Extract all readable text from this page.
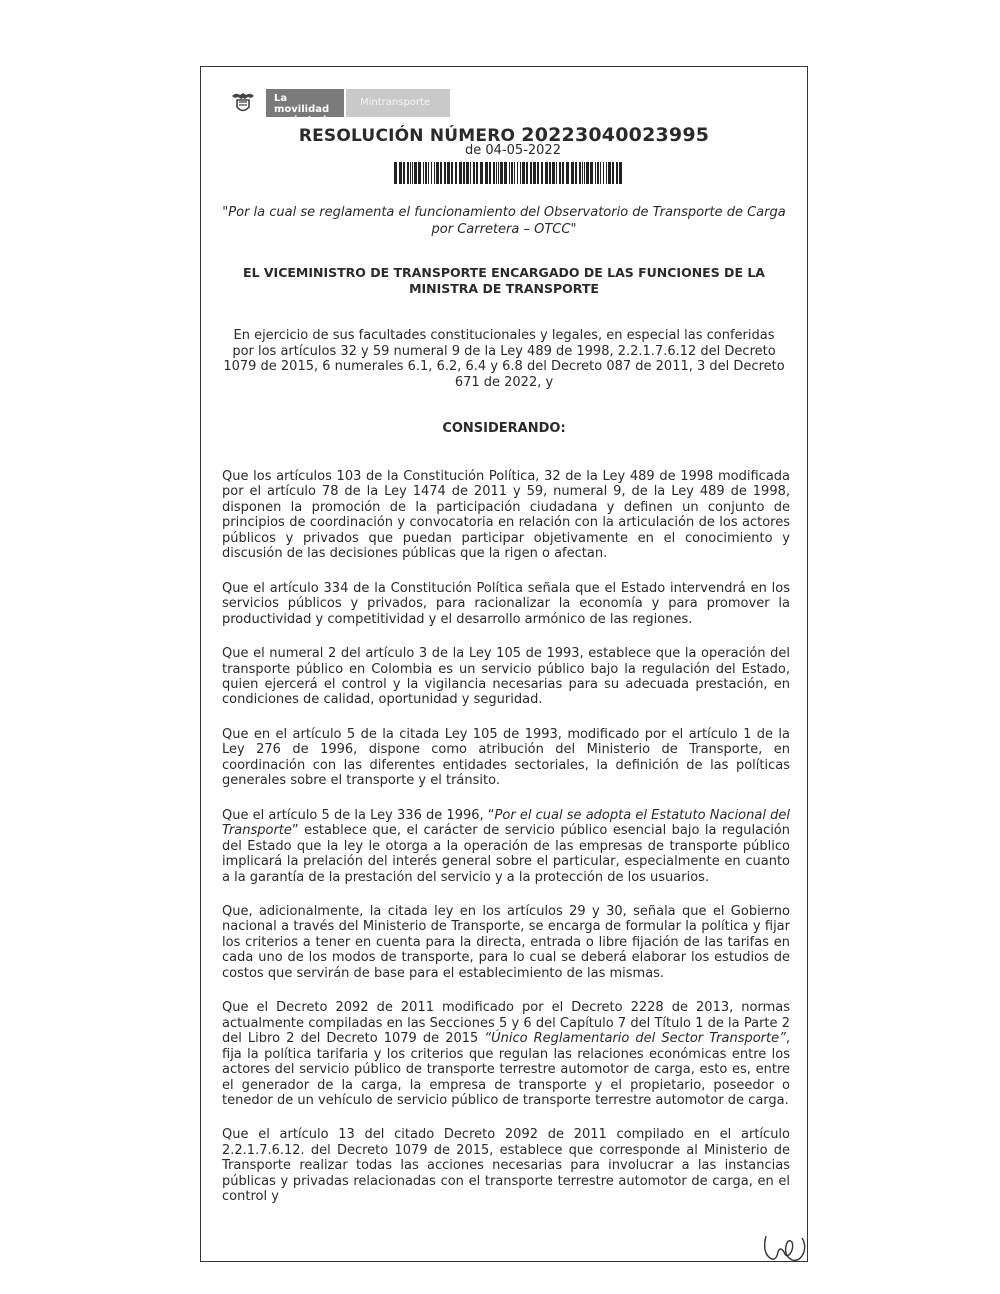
La movilidad
es de todos
Mintransporte
RESOLUCIÓN NÚMERO 20223040023995
de 04-05-2022
"Por la cual se reglamenta el funcionamiento del Observatorio de Transporte de Carga por Carretera – OTCC"
EL VICEMINISTRO DE TRANSPORTE ENCARGADO DE LAS FUNCIONES DE LA MINISTRA DE TRANSPORTE
En ejercicio de sus facultades constitucionales y legales, en especial las conferidas por los artículos 32 y 59 numeral 9 de la Ley 489 de 1998, 2.2.1.7.6.12 del Decreto 1079 de 2015, 6 numerales 6.1, 6.2, 6.4 y 6.8 del Decreto 087 de 2011, 3 del Decreto 671 de 2022, y
CONSIDERANDO:

Que los artículos 103 de la Constitución Política, 32 de la Ley 489 de 1998 modificada por el artículo 78 de la Ley 1474 de 2011 y 59, numeral 9, de la Ley 489 de 1998, disponen la promoción de la participación ciudadana y definen un conjunto de principios de coordinación y convocatoria en relación con la articulación de los actores públicos y privados que puedan participar objetivamente en el conocimiento y discusión de las decisiones públicas que la rigen o afectan.

Que el artículo 334 de la Constitución Política señala que el Estado intervendrá en los servicios públicos y privados, para racionalizar la economía y para promover la productividad y competitividad y el desarrollo armónico de las regiones.

Que el numeral 2 del artículo 3 de la Ley 105 de 1993, establece que la operación del transporte público en Colombia es un servicio público bajo la regulación del Estado, quien ejercerá el control y la vigilancia necesarias para su adecuada prestación, en condiciones de calidad, oportunidad y seguridad.

Que en el artículo 5 de la citada Ley 105 de 1993, modificado por el artículo 1 de la Ley 276 de 1996, dispone como atribución del Ministerio de Transporte, en coordinación con las diferentes entidades sectoriales, la definición de las políticas generales sobre el transporte y el tránsito.

Que el artículo 5 de la Ley 336 de 1996, “Por el cual se adopta el Estatuto Nacional del Transporte” establece que, el carácter de servicio público esencial bajo la regulación del Estado que la ley le otorga a la operación de las empresas de transporte público implicará la prelación del interés general sobre el particular, especialmente en cuanto a la garantía de la prestación del servicio y a la protección de los usuarios.

Que, adicionalmente, la citada ley en los artículos 29 y 30, señala que el Gobierno nacional a través del Ministerio de Transporte, se encarga de formular la política y fijar los criterios a tener en cuenta para la directa, entrada o libre fijación de las tarifas en cada uno de los modos de transporte, para lo cual se deberá elaborar los estudios de costos que servirán de base para el establecimiento de las mismas.

Que el Decreto 2092 de 2011 modificado por el Decreto 2228 de 2013, normas actualmente compiladas en las Secciones 5 y 6 del Capítulo 7 del Título 1 de la Parte 2 del Libro 2 del Decreto 1079 de 2015 “Único Reglamentario del Sector Transporte”, fija la política tarifaria y los criterios que regulan las relaciones económicas entre los actores del servicio público de transporte terrestre automotor de carga, esto es, entre el generador de la carga, la empresa de transporte y el propietario, poseedor o tenedor de un vehículo de servicio público de transporte terrestre automotor de carga.

Que el artículo 13 del citado Decreto 2092 de 2011 compilado en el artículo 2.2.1.7.6.12. del Decreto 1079 de 2015, establece que corresponde al Ministerio de Transporte realizar todas las acciones necesarias para involucrar a las instancias públicas y privadas relacionadas con el transporte terrestre automotor de carga, en el control y
